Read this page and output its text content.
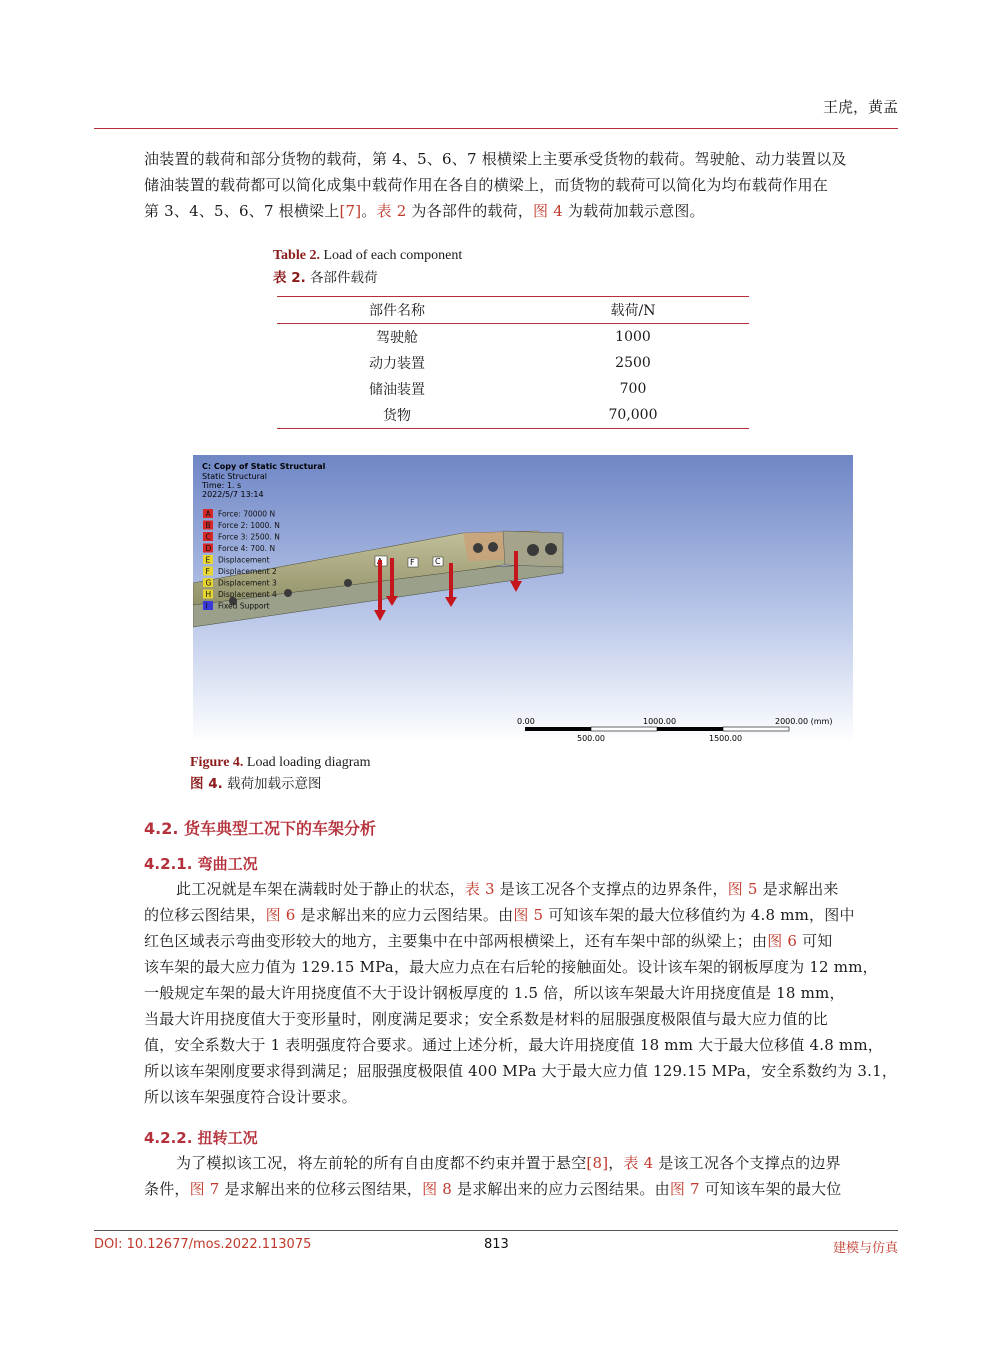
王虎，黄孟
油装置的载荷和部分货物的载荷，第 4、5、6、7 根横梁上主要承受货物的载荷。驾驶舱、动力装置以及
储油装置的载荷都可以简化成集中载荷作用在各自的横梁上，而货物的载荷可以简化为均布载荷作用在
第 3、4、5、6、7 根横梁上[7]。表 2 为各部件的载荷，图 4 为载荷加载示意图。
Table 2. Load of each component
表 2. 各部件载荷
部件名称	载荷/N
驾驶舱	1000
动力装置	2500
储油装置	700
货物	70,000
F	C
C: Copy of Static Structural
Static Structural
Time: 1. s
2022/5/7 13:14
A Force: 70000 N
B Force 2: 1000. N
C Force 3: 2500. N
D Force 4: 700. N
E Displacement
F Displacement 2
G Displacement 3
H Displacement 4
I Fixed Support
0.00	1000.00	2000.00 (mm)
500.00	1500.00
Figure 4. Load loading diagram
图 4. 载荷加载示意图
4.2. 货车典型工况下的车架分析
4.2.1. 弯曲工况
此工况就是车架在满载时处于静止的状态，表 3 是该工况各个支撑点的边界条件，图 5 是求解出来
的位移云图结果，图 6 是求解出来的应力云图结果。由图 5 可知该车架的最大位移值约为 4.8 mm，图中
红色区域表示弯曲变形较大的地方，主要集中在中部两根横梁上，还有车架中部的纵梁上；由图 6 可知
该车架的最大应力值为 129.15 MPa，最大应力点在右后轮的接触面处。设计该车架的钢板厚度为 12 mm，
一般规定车架的最大许用挠度值不大于设计钢板厚度的 1.5 倍，所以该车架最大许用挠度值是 18 mm，
当最大许用挠度值大于变形量时，刚度满足要求；安全系数是材料的屈服强度极限值与最大应力值的比
值，安全系数大于 1 表明强度符合要求。通过上述分析，最大许用挠度值 18 mm 大于最大位移值 4.8 mm，
所以该车架刚度要求得到满足；屈服强度极限值 400 MPa 大于最大应力值 129.15 MPa，安全系数约为 3.1，
所以该车架强度符合设计要求。
4.2.2. 扭转工况
为了模拟该工况，将左前轮的所有自由度都不约束并置于悬空[8]，表 4 是该工况各个支撑点的边界
条件，图 7 是求解出来的位移云图结果，图 8 是求解出来的应力云图结果。由图 7 可知该车架的最大位
DOI: 10.12677/mos.2022.113075	813	建模与仿真
